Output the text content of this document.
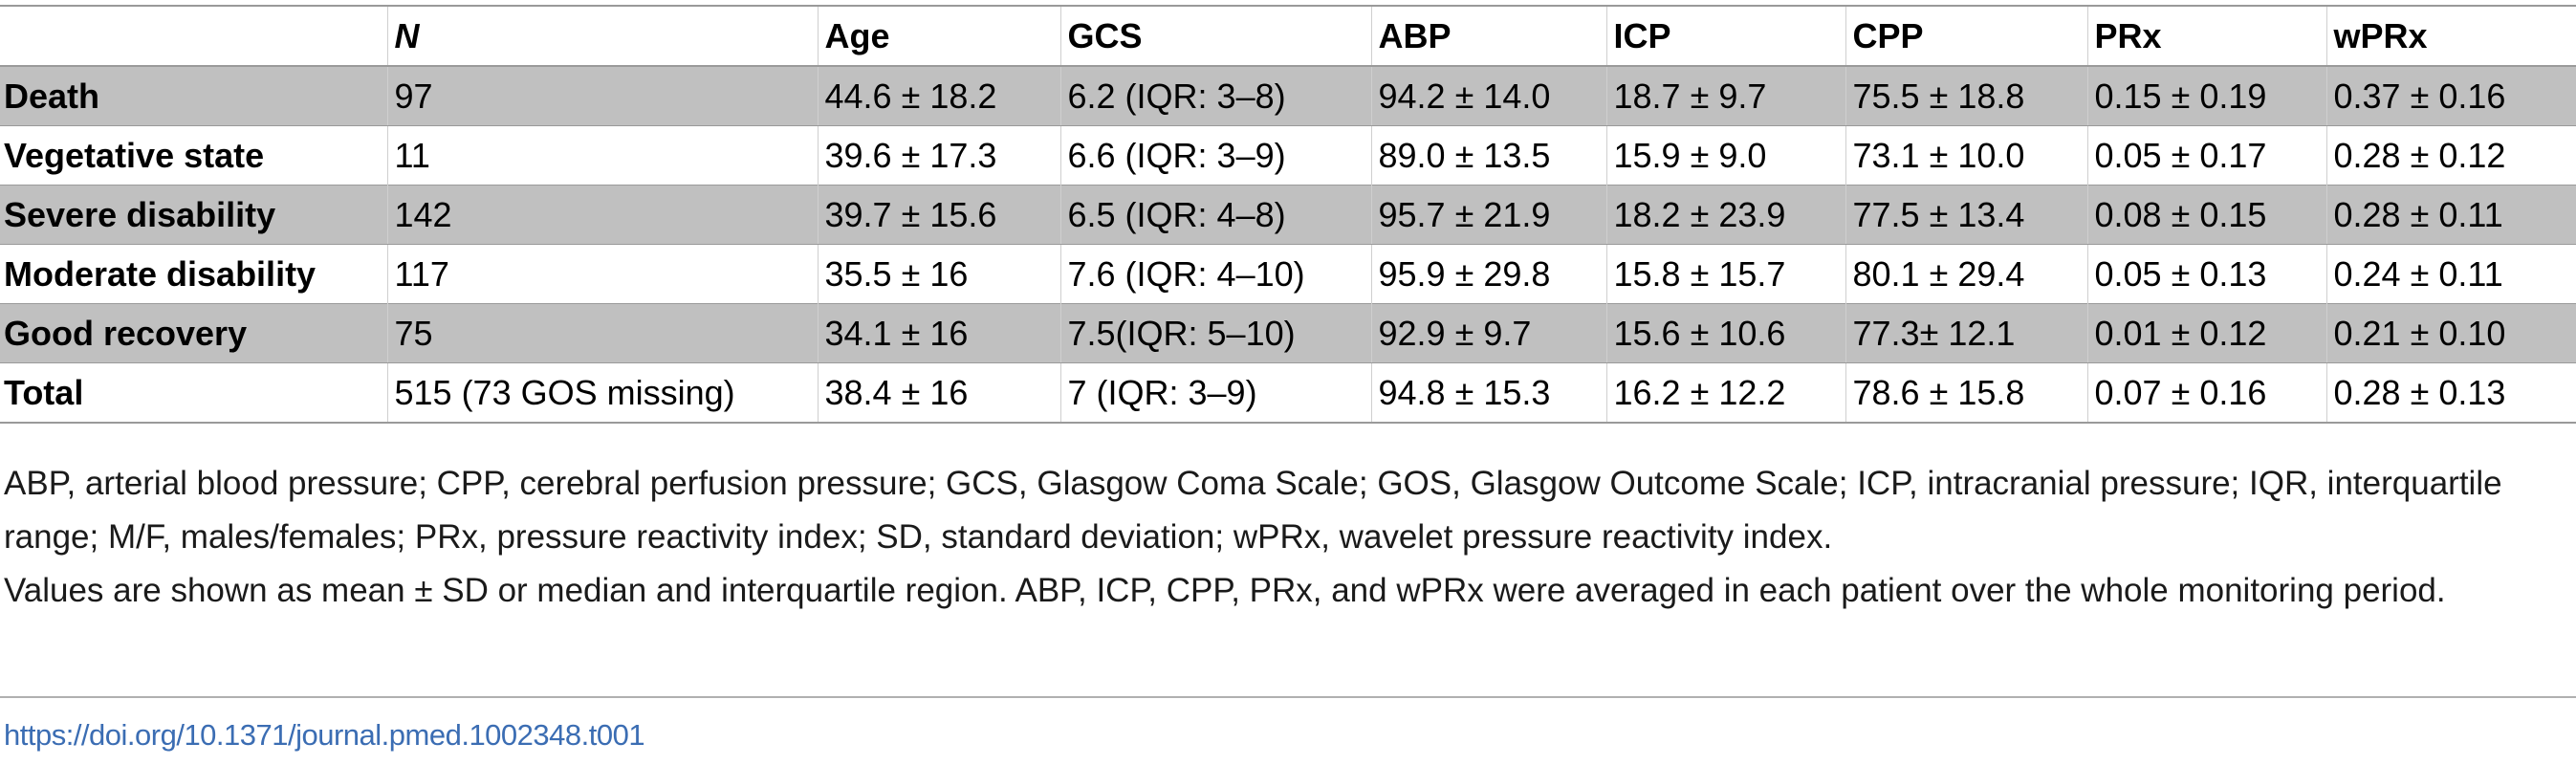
	N	Age	GCS	ABP	ICP	CPP	PRx	wPRx
Death	97	44.6 ± 18.2	6.2 (IQR: 3–8)	94.2 ± 14.0	18.7 ± 9.7	75.5 ± 18.8	0.15 ± 0.19	0.37 ± 0.16
Vegetative state	11	39.6 ± 17.3	6.6 (IQR: 3–9)	89.0 ± 13.5	15.9 ± 9.0	73.1 ± 10.0	0.05 ± 0.17	0.28 ± 0.12
Severe disability	142	39.7 ± 15.6	6.5 (IQR: 4–8)	95.7 ± 21.9	18.2 ± 23.9	77.5 ± 13.4	0.08 ± 0.15	0.28 ± 0.11
Moderate disability	117	35.5 ± 16	7.6 (IQR: 4–10)	95.9 ± 29.8	15.8 ± 15.7	80.1 ± 29.4	0.05 ± 0.13	0.24 ± 0.11
Good recovery	75	34.1 ± 16	7.5(IQR: 5–10)	92.9 ± 9.7	15.6 ± 10.6	77.3± 12.1	0.01 ± 0.12	0.21 ± 0.10
Total	515 (73 GOS missing)	38.4 ± 16	7 (IQR: 3–9)	94.8 ± 15.3	16.2 ± 12.2	78.6 ± 15.8	0.07 ± 0.16	0.28 ± 0.13

ABP, arterial blood pressure; CPP, cerebral perfusion pressure; GCS, Glasgow Coma Scale; GOS, Glasgow Outcome Scale; ICP, intracranial pressure; IQR, interquartile range; M/F, males/females; PRx, pressure reactivity index; SD, standard deviation; wPRx, wavelet pressure reactivity index.

Values are shown as mean ± SD or median and interquartile region. ABP, ICP, CPP, PRx, and wPRx were averaged in each patient over the whole monitoring period.

https://doi.org/10.1371/journal.pmed.1002348.t001
